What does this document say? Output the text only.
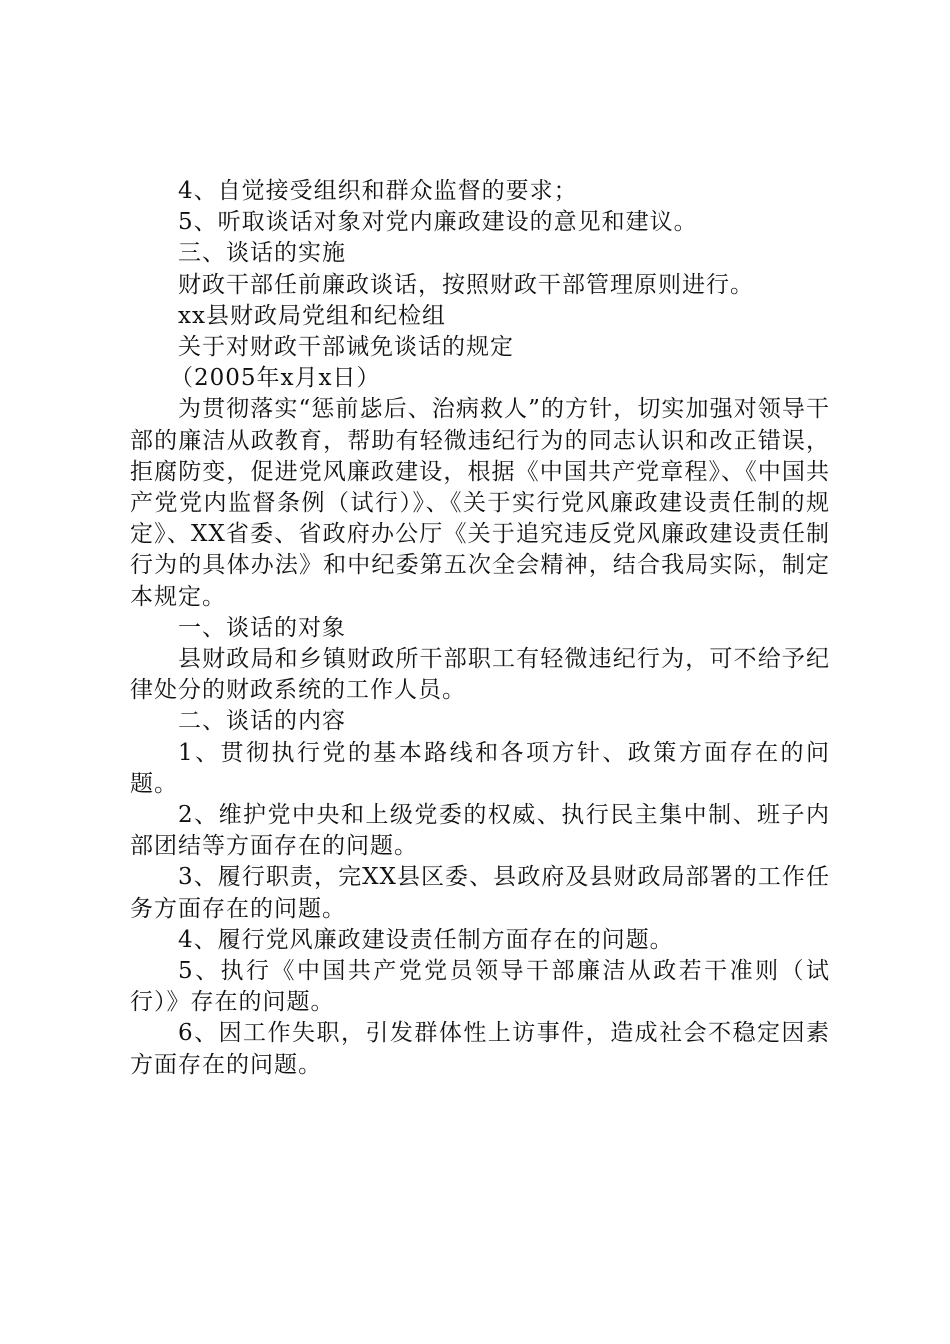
4、自觉接受组织和群众监督的要求；

5、听取谈话对象对党内廉政建设的意见和建议。

三、谈话的实施

财政干部任前廉政谈话，按照财政干部管理原则进行。

xx县财政局党组和纪检组

关于对财政干部诫免谈话的规定

（2005年x月x日）

为贯彻落实“惩前毖后、治病救人”的方针，切实加强对领导干部的廉洁从政教育，帮助有轻微违纪行为的同志认识和改正错误，拒腐防变，促进党风廉政建设，根据《中国共产党章程》、《中国共产党党内监督条例（试行）》、《关于实行党风廉政建设责任制的规定》、XX省委、省政府办公厅《关于追究违反党风廉政建设责任制行为的具体办法》和中纪委第五次全会精神，结合我局实际，制定本规定。

一、谈话的对象

县财政局和乡镇财政所干部职工有轻微违纪行为，可不给予纪律处分的财政系统的工作人员。

二、谈话的内容

1、贯彻执行党的基本路线和各项方针、政策方面存在的问题。

2、维护党中央和上级党委的权威、执行民主集中制、班子内部团结等方面存在的问题。

3、履行职责，完XX县区委、县政府及县财政局部署的工作任务方面存在的问题。

4、履行党风廉政建设责任制方面存在的问题。

5、执行《中国共产党党员领导干部廉洁从政若干准则（试行）》存在的问题。

6、因工作失职，引发群体性上访事件，造成社会不稳定因素方面存在的问题。
